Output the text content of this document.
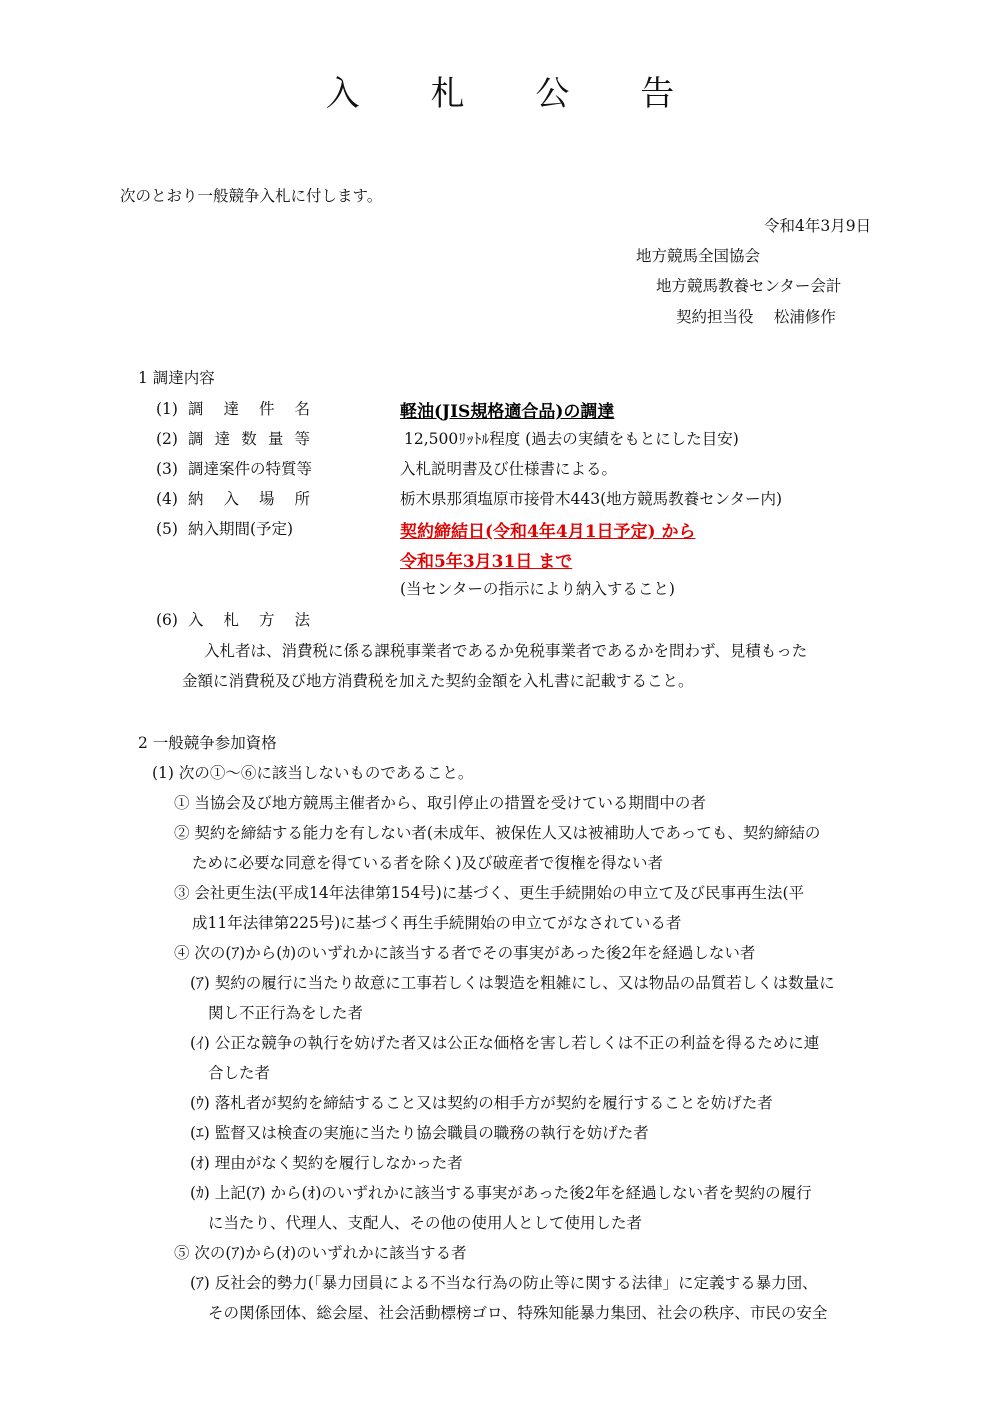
入 札 公 告
次のとおり一般競争入札に付します。
令和4年3月9日
地方競馬全国協会
地方競馬教養センター会計
契約担当役　 松浦修作
1 調達内容
(1) 調 達 件 名	軽油(JIS規格適合品)の調達
(2) 調達数量等	12,500ﾘｯﾄﾙ程度 (過去の実績をもとにした目安)
(3) 調達案件の特質等	入札説明書及び仕様書による。
(4) 納 入 場 所	栃木県那須塩原市接骨木443(地方競馬教養センター内)
(5) 納入期間(予定)	契約締結日(令和4年4月1日予定) から
令和5年3月31日 まで
(当センターの指示により納入すること)
(6) 入 札 方 法
入札者は、消費税に係る課税事業者であるか免税事業者であるかを問わず、見積もった
金額に消費税及び地方消費税を加えた契約金額を入札書に記載すること。
2 一般競争参加資格
(1) 次の①～⑥に該当しないものであること。
① 当協会及び地方競馬主催者から、取引停止の措置を受けている期間中の者
② 契約を締結する能力を有しない者(未成年、被保佐人又は被補助人であっても、契約締結の
ために必要な同意を得ている者を除く)及び破産者で復権を得ない者
③ 会社更生法(平成14年法律第154号)に基づく、更生手続開始の申立て及び民事再生法(平
成11年法律第225号)に基づく再生手続開始の申立てがなされている者
④ 次の(ｱ)から(ｶ)のいずれかに該当する者でその事実があった後2年を経過しない者
(ｱ) 契約の履行に当たり故意に工事若しくは製造を粗雑にし、又は物品の品質若しくは数量に
関し不正行為をした者
(ｲ) 公正な競争の執行を妨げた者又は公正な価格を害し若しくは不正の利益を得るために連
合した者
(ｳ) 落札者が契約を締結すること又は契約の相手方が契約を履行することを妨げた者
(ｴ) 監督又は検査の実施に当たり協会職員の職務の執行を妨げた者
(ｵ) 理由がなく契約を履行しなかった者
(ｶ) 上記(ｱ) から(ｵ)のいずれかに該当する事実があった後2年を経過しない者を契約の履行
に当たり、代理人、支配人、その他の使用人として使用した者
⑤ 次の(ｱ)から(ｵ)のいずれかに該当する者
(ｱ) 反社会的勢力(「暴力団員による不当な行為の防止等に関する法律」に定義する暴力団、
その関係団体、総会屋、社会活動標榜ゴロ、特殊知能暴力集団、社会の秩序、市民の安全
